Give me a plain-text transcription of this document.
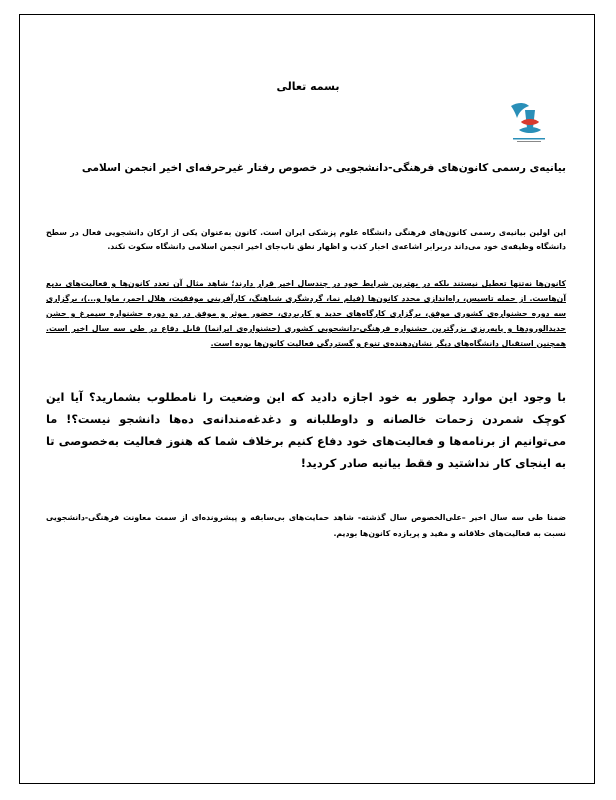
بسمه تعالی
بیانیه‌ی رسمی کانون‌های فرهنگی-دانشجویی در خصوص رفتار غیرحرفه‌ای اخیر انجمن اسلامی
این اولین بیانیه‌ی رسمی کانون‌های فرهنگی دانشگاه علوم پزشکی ایران است. کانون به‌عنوان یکی از ارکان دانشجویی فعال در سطح دانشگاه وظیفه‌ی خود می‌داند دربرابر اشاعه‌ی اخبار کذب و اظهار نطق ناب‌جای اخیر انجمن اسلامی دانشگاه سکوت نکند.
کانون‌ها نه‌تنها تعطیل نیستند بلکه در بهترین شرایط خود در چندسال اخیر قرار دارند؛ شاهد مثال آن تعدد کانون‌ها و فعالیت‌های بدیع آن‌هاست. از جمله تاسیس، راه‌اندازی مجدد کانون‌ها (فیلم نما، گردشگری شباهنگ، کارآفرینی موفقیت، هلال احمر، ماوا و...)، برگزاری سه دوره جشنواره‌ی کشوری موفق، برگزاری کارگاه‌های جدید و کاربردی، حضور موثر و موفق در دو دوره جشنواره سیمرغ و جشن جدیدالورودها و پایه‌ریزی بزرگترین جشنواره فرهنگی-دانشجویی کشوری (جشنواره‌ی ایرانما) قابل دفاع در طی سه سال اخیر است. همچنین استقبال دانشگاه‌های دیگر نشان‌دهنده‌ی تنوع و گستردگی فعالیت کانون‌ها بوده است.
با وجود این موارد چطور به خود اجازه دادید که این وضعیت را نامطلوب بشمارید؟ آیا این کوچک شمردن زحمات خالصانه و داوطلبانه و دغدغه‌مندانه‌ی ده‌ها دانشجو نیست؟! ما می‌توانیم از برنامه‌ها و فعالیت‌های خود دفاع کنیم برخلاف شما که هنوز فعالیت به‌خصوصی تا به اینجای کار نداشتید و فقط بیانیه صادر کردید!
ضمنا طی سه سال اخیر –علی‌الخصوص سال گذشته- شاهد حمایت‌های بی‌سابقه و پیشرونده‌ای از سمت معاونت فرهنگی-دانشجویی نسبت به فعالیت‌های خلاقانه و مفید و پربازده کانون‌ها بودیم.
